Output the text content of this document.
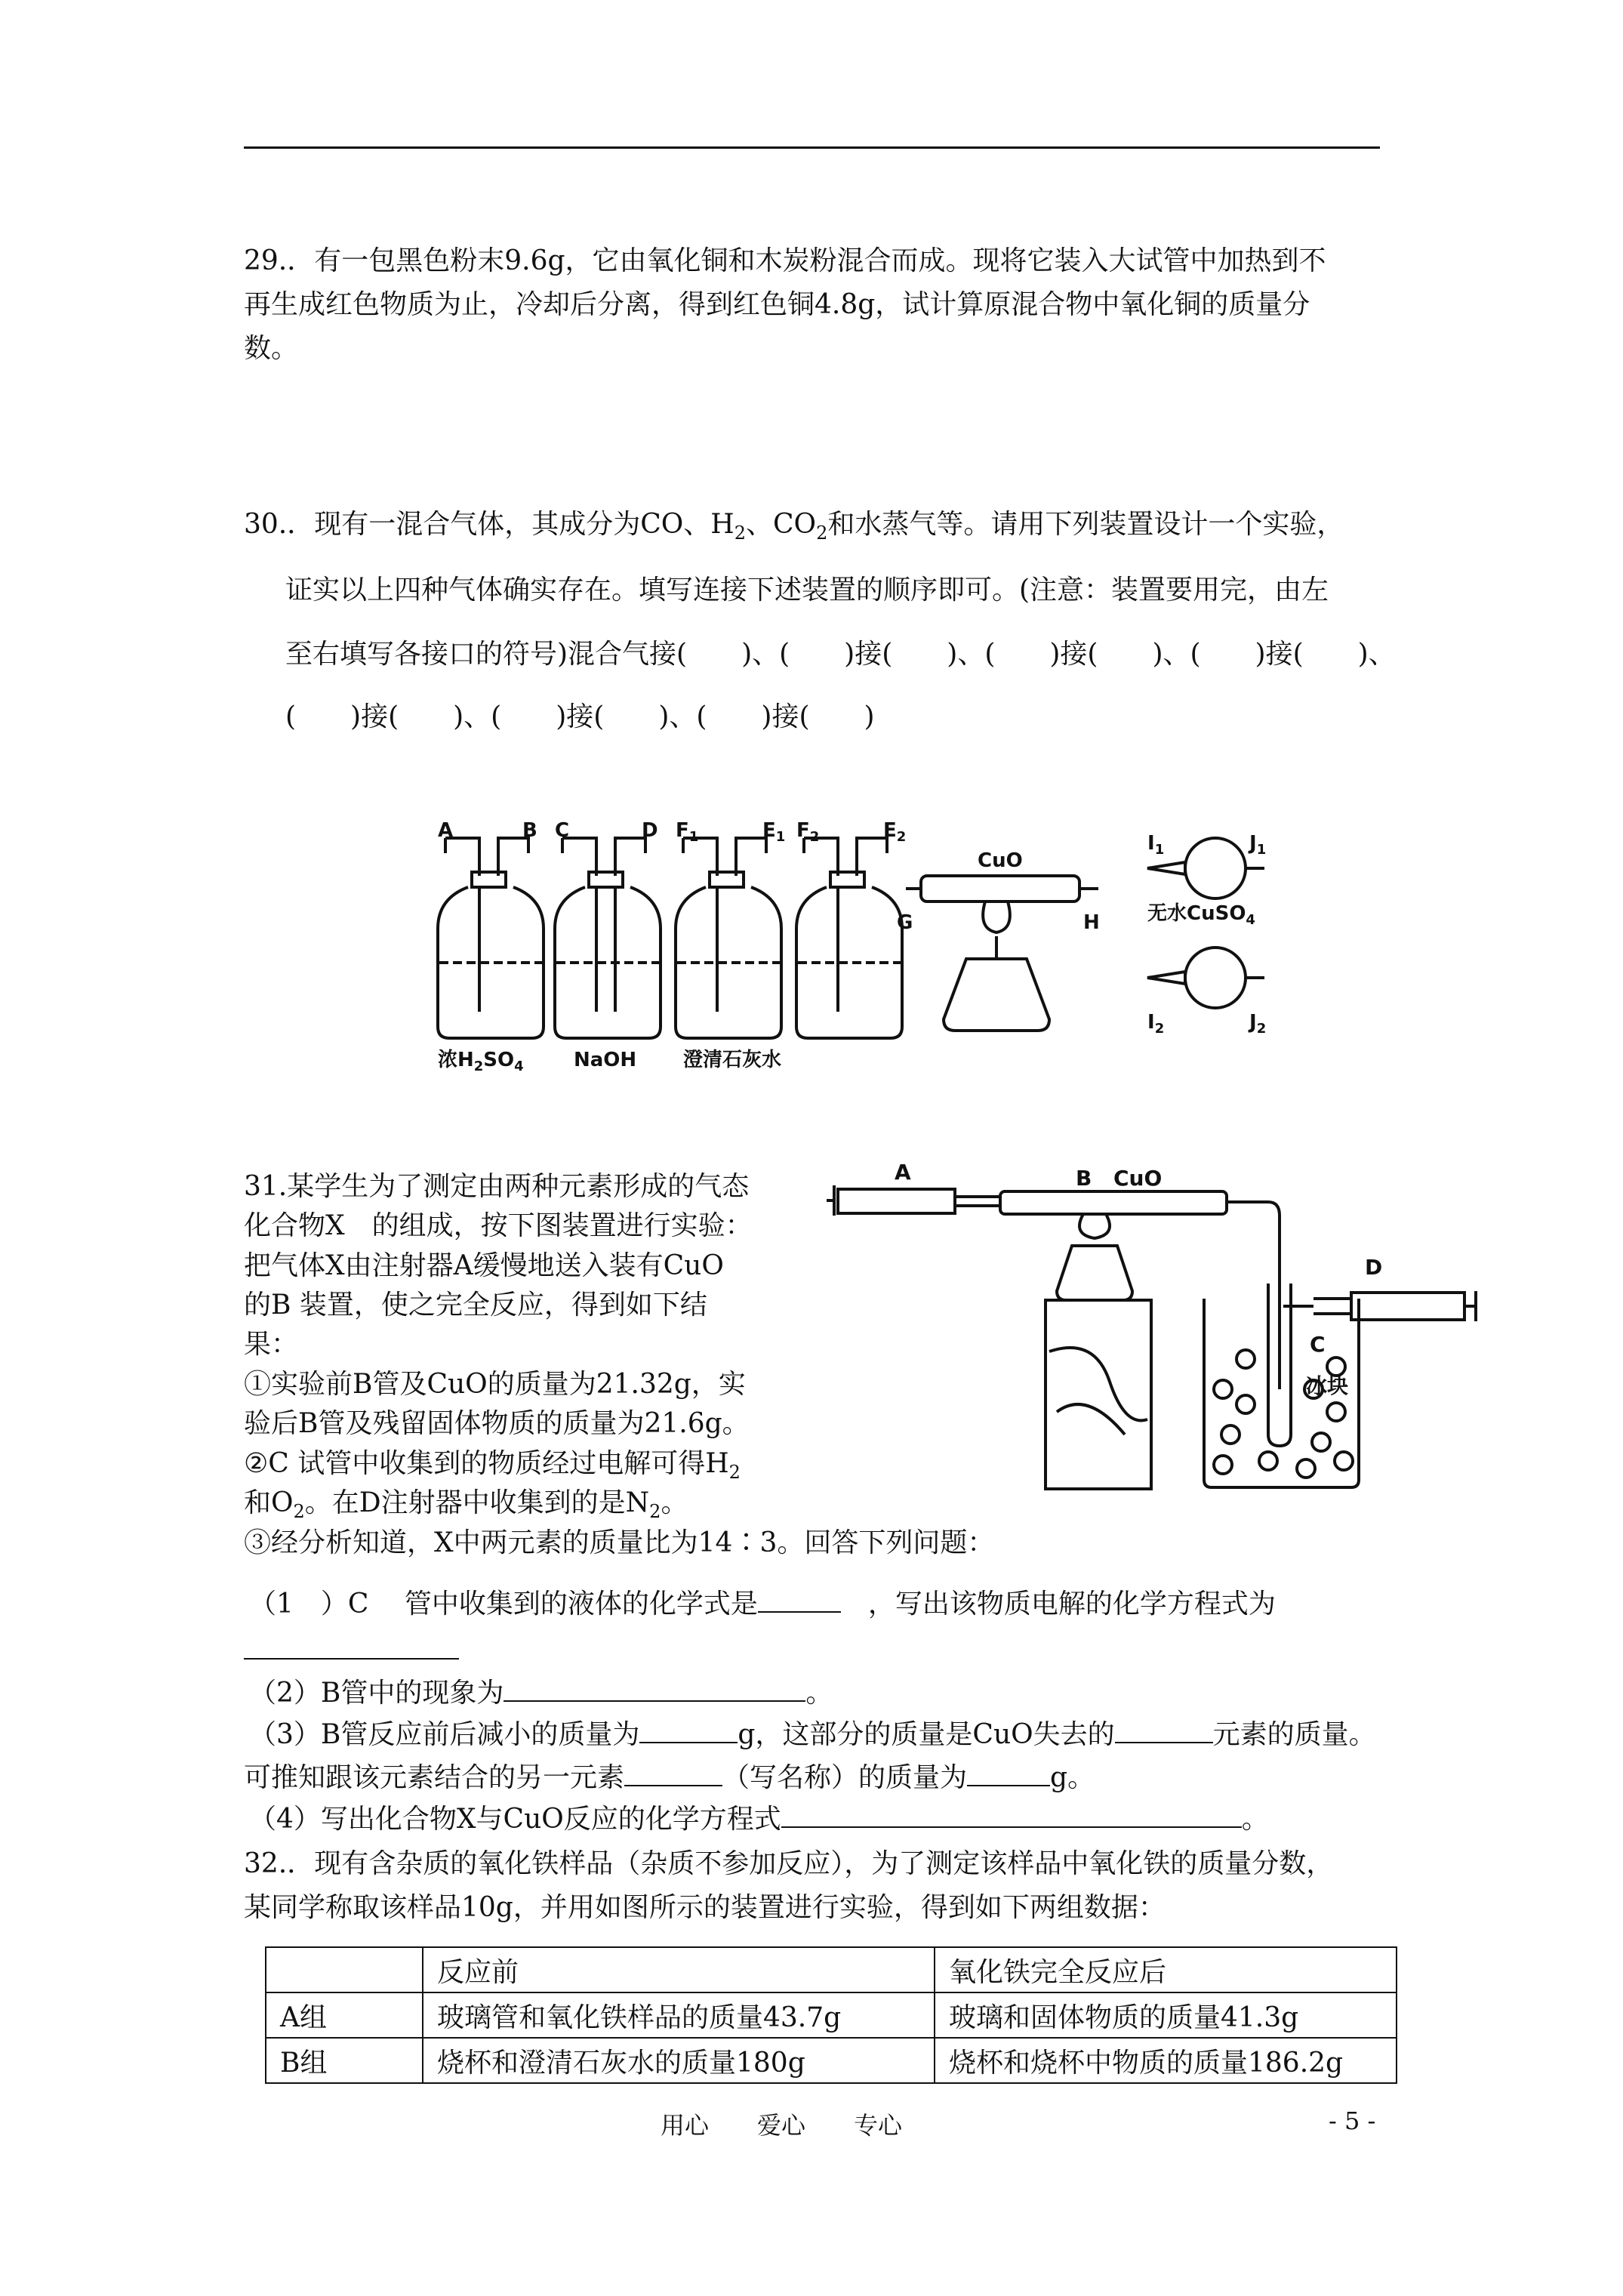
29.．有一包黑色粉末9.6g，它由氧化铜和木炭粉混合而成。现将它装入大试管中加热到不
再生成红色物质为止，冷却后分离，得到红色铜4.8g，试计算原混合物中氧化铜的质量分
数。
30.．现有一混合气体，其成分为CO、$H_2$、$CO_2$和水蒸气等。请用下列装置设计一个实验，
证实以上四种气体确实存在。填写连接下述装置的顺序即可。(注意：装置要用完，由左
至右填写各接口的符号)混合气接(　　)、(　　)接(　　)、(　　)接(　　)、(　　)接(　　)、
(　　)接(　　)、(　　)接(　　)、(　　)接(　　)
A	B C	D $F_1$	$E_1$ $F_2$	$E_2$
CuO
G	H
$I_1$	$J_1$
无水CuSO$_4$
$I_2$	$J_2$
浓$H_2SO_4$	NaOH 澄清石灰水
31.某学生为了测定由两种元素形成的气态
化合物X　的组成，按下图装置进行实验：
把气体X由注射器A缓慢地送入装有CuO
的B 装置，使之完全反应，得到如下结
果：
①实验前B管及CuO的质量为21.32g，实
验后B管及残留固体物质的质量为21.6g。
②C 试管中收集到的物质经过电解可得$H_2$
和$O_2$。在D注射器中收集到的是$N_2$。
③经分析知道，X中两元素的质量比为14∶3。回答下列问题：
A	B CuO
C
D
冰块
（1　）C　 管中收集到的液体的化学式是	　，写出该物质电解的化学方程式为
（2）B管中的现象为	。
（3）B管反应前后减小的质量为	g，这部分的质量是CuO失去的	元素的质量。
可推知跟该元素结合的另一元素	（写名称）的质量为	g。
（4）写出化合物X与CuO反应的化学方程式	。
32.．现有含杂质的氧化铁样品（杂质不参加反应），为了测定该样品中氧化铁的质量分数，
某同学称取该样品10g，并用如图所示的装置进行实验，得到如下两组数据：
	反应前	氧化铁完全反应后
A组	玻璃管和氧化铁样品的质量43.7g	玻璃和固体物质的质量41.3g
B组	烧杯和澄清石灰水的质量180g	烧杯和烧杯中物质的质量186.2g
用心　　爱心　　专心	- 5 -
